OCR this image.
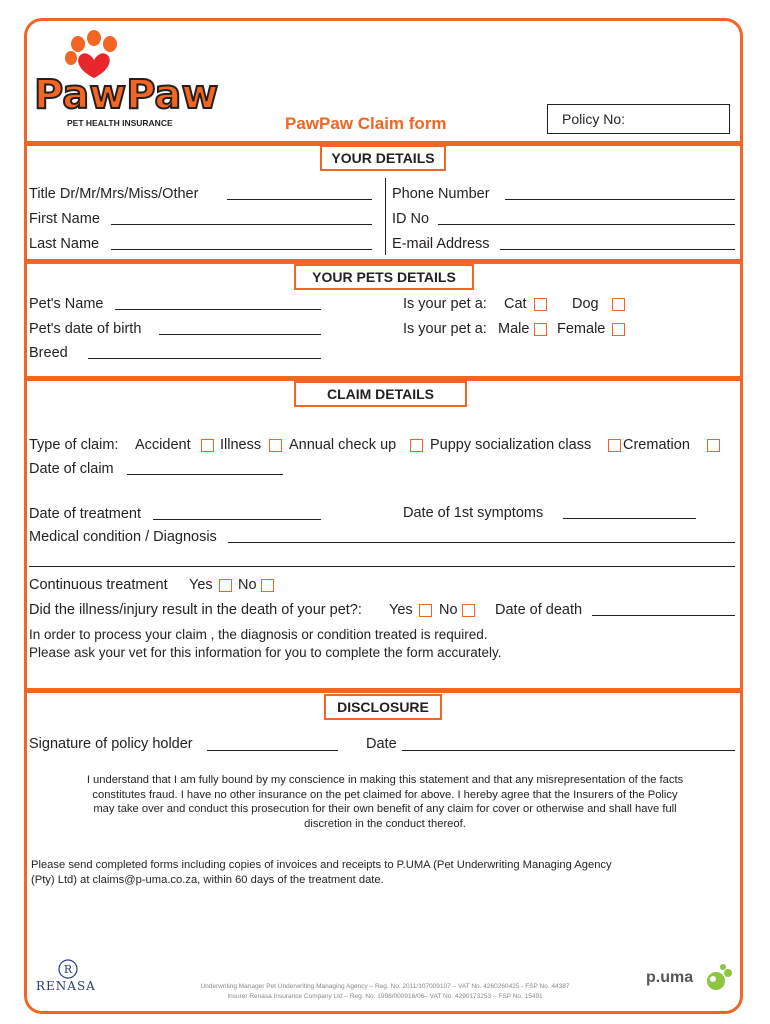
PawPaw
PET HEALTH INSURANCE	PawPaw Claim form	Policy No:
YOUR DETAILS
Title Dr/Mr/Mrs/Miss/Other
First Name
Last Name
Phone Number
ID No
E-mail Address
YOUR PETS DETAILS
Pet's Name
Pet's date of birth
Breed
Is your pet a: Cat	Dog
Is your pet a: Male Female
CLAIM DETAILS
Type of claim: Accident Illness Annual check up Puppy socialization class Cremation
Date of claim
Date of treatment	Date of 1st symptoms
Medical condition / Diagnosis
Continuous treatment Yes No
Did the illness/injury result in the death of your pet?: Yes No	Date of death
In order to process your claim , the diagnosis or condition treated is required.
Please ask your vet for this information for you to complete the form accurately.
DISCLOSURE
Signature of policy holder	Date
I understand that I am fully bound by my conscience in making this statement and that any misrepresentation of the facts
constitutes fraud. I have no other insurance on the pet claimed for above. I hereby agree that the Insurers of the Policy
may take over and conduct this prosecution for their own benefit of any claim for cover or otherwise and shall have full
discretion in the conduct thereof.
Please send completed forms including copies of invoices and receipts to P.UMA (Pet Underwriting Managing Agency
(Pty) Ltd) at claims@p-uma.co.za, within 60 days of the treatment date.
R
RENASA	Underwriting Manager Pet Underwriting Managing Agency – Reg. No. 2011/107009107 – VAT No. 4260260425 - FSP No. 44387
Insurer Renasa Insurance Company Ltd – Reg. No. 1998/000916/06– VAT No. 4290173253 – FSP No. 15491
p.uma
